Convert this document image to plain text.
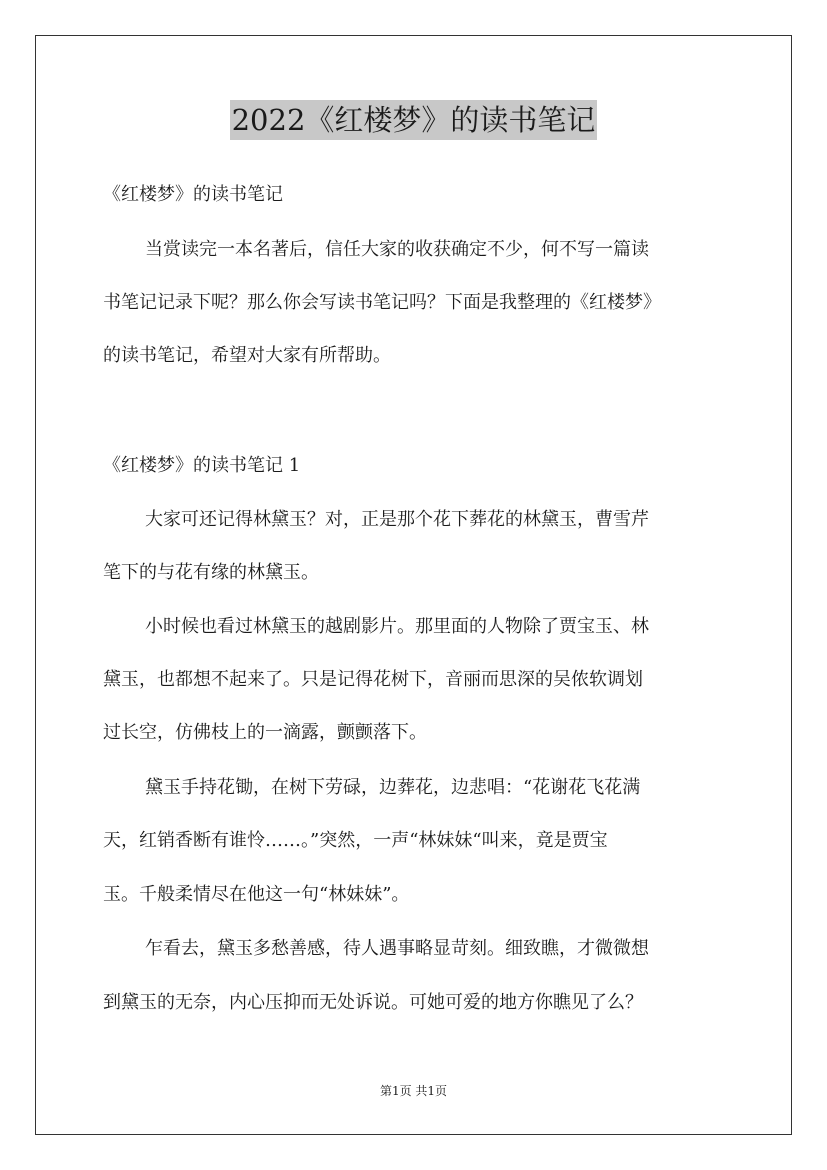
2022《红楼梦》的读书笔记
《红楼梦》的读书笔记
当赏读完一本名著后，信任大家的收获确定不少，何不写一篇读
书笔记记录下呢？那么你会写读书笔记吗？下面是我整理的《红楼梦》
的读书笔记，希望对大家有所帮助。
《红楼梦》的读书笔记 1
大家可还记得林黛玉？对，正是那个花下葬花的林黛玉，曹雪芹
笔下的与花有缘的林黛玉。
小时候也看过林黛玉的越剧影片。那里面的人物除了贾宝玉、林
黛玉，也都想不起来了。只是记得花树下，音丽而思深的吴侬软调划
过长空，仿佛枝上的一滴露，颤颤落下。
黛玉手持花锄，在树下劳碌，边葬花，边悲唱：“花谢花飞花满
天，红销香断有谁怜……。”突然，一声“林妹妹“叫来，竟是贾宝
玉。千般柔情尽在他这一句“林妹妹”。
乍看去，黛玉多愁善感，待人遇事略显苛刻。细致瞧，才微微想
到黛玉的无奈，内心压抑而无处诉说。可她可爱的地方你瞧见了么？
第1页 共1页
